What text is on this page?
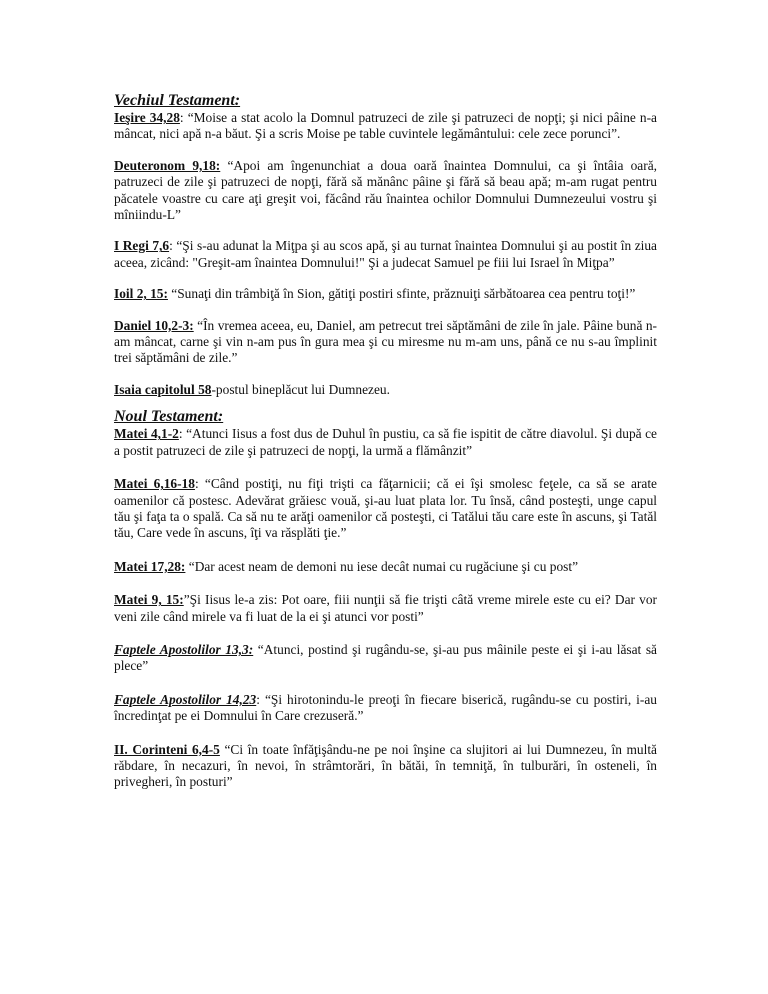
Vechiul Testament:

Ieşire 34,28: “Moise a stat acolo la Domnul patruzeci de zile şi patruzeci de nopţi; şi nici pâine n-a mâncat, nici apă n-a băut. Şi a scris Moise pe table cuvintele legământului: cele zece porunci”.

Deuteronom 9,18: “Apoi am îngenunchiat a doua oară înaintea Domnului, ca şi întâia oară, patruzeci de zile şi patruzeci de nopţi, fără să mănânc pâine şi fără să beau apă; m-am rugat pentru păcatele voastre cu care aţi greşit voi, făcând rău înaintea ochilor Domnului Dumnezeului vostru şi mîniindu-L”

I Regi 7,6: “Şi s-au adunat la Miţpa şi au scos apă, şi au turnat înaintea Domnului şi au postit în ziua aceea, zicând: "Greşit-am înaintea Domnului!" Şi a judecat Samuel pe fiii lui Israel în Miţpa”

Ioil 2, 15: “Sunaţi din trâmbiţă în Sion, gătiţi postiri sfinte, prăznuiţi sărbătoarea cea pentru toţi!”

Daniel 10,2-3: “În vremea aceea, eu, Daniel, am petrecut trei săptămâni de zile în jale. Pâine bună n-am mâncat, carne şi vin n-am pus în gura mea şi cu miresme nu m-am uns, până ce nu s-au împlinit trei săptămâni de zile.”

Isaia capitolul 58-postul bineplăcut lui Dumnezeu.

Noul Testament:

Matei 4,1-2: “Atunci Iisus a fost dus de Duhul în pustiu, ca să fie ispitit de către diavolul. Şi după ce a postit patruzeci de zile şi patruzeci de nopţi, la urmă a flămânzit”

Matei 6,16-18: “Când postiţi, nu fiţi trişti ca făţarnicii; că ei îşi smolesc feţele, ca să se arate oamenilor că postesc. Adevărat grăiesc vouă, şi-au luat plata lor. Tu însă, când posteşti, unge capul tău şi faţa ta o spală. Ca să nu te arăţi oamenilor că posteşti, ci Tatălui tău care este în ascuns, şi Tatăl tău, Care vede în ascuns, îţi va răsplăti ţie.”

Matei 17,28: “Dar acest neam de demoni nu iese decât numai cu rugăciune şi cu post”

Matei 9, 15:”Şi Iisus le-a zis: Pot oare, fiii nunţii să fie trişti câtă vreme mirele este cu ei? Dar vor veni zile când mirele va fi luat de la ei şi atunci vor posti”

Faptele Apostolilor 13,3: “Atunci, postind şi rugându-se, şi-au pus mâinile peste ei şi i-au lăsat să plece”

Faptele Apostolilor 14,23: “Şi hirotonindu-le preoţi în fiecare biserică, rugându-se cu postiri, i-au încredinţat pe ei Domnului în Care crezuseră.”

II. Corinteni 6,4-5 “Ci în toate înfăţişându-ne pe noi înşine ca slujitori ai lui Dumnezeu, în multă răbdare, în necazuri, în nevoi, în strâmtorări, în bătăi, în temniţă, în tulburări, în osteneli, în privegheri, în posturi”
